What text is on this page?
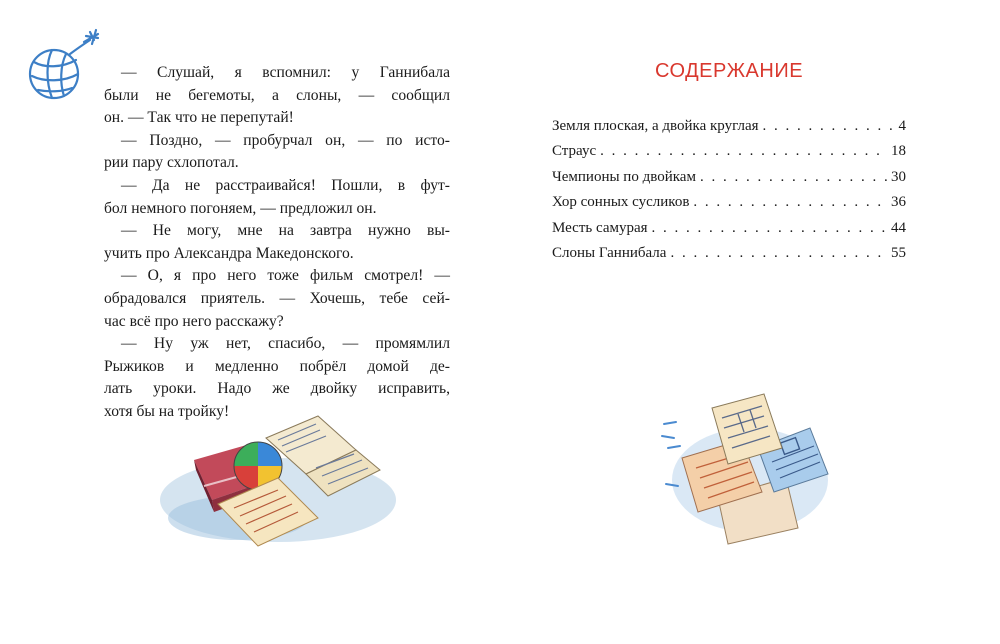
— Слушай, я вспомнил: у Ганнибала

были не бегемоты, а слоны, — сообщил

он. — Так что не перепутай!

— Поздно, — пробурчал он, — по исто-

рии пару схлопотал.

— Да не расстраивайся! Пошли, в фут-

бол немного погоняем, — предложил он.

— Не могу, мне на завтра нужно вы-

учить про Александра Македонского.

— О, я про него тоже фильм смотрел! —

обрадовался приятель. — Хочешь, тебе сей-

час всё про него расскажу?

— Ну уж нет, спасибо, — промямлил

Рыжиков и медленно побрёл домой де-

лать уроки. Надо же двойку исправить,

хотя бы на тройку!

СОДЕРЖАНИЕ
Земля плоская, а двойка круглая . . .	4
Страус . . .	18
Чемпионы по двойкам . . .	30
Хор сонных сусликов . . .	36
Месть самурая . . .	44
Слоны Ганнибала . . .	55
